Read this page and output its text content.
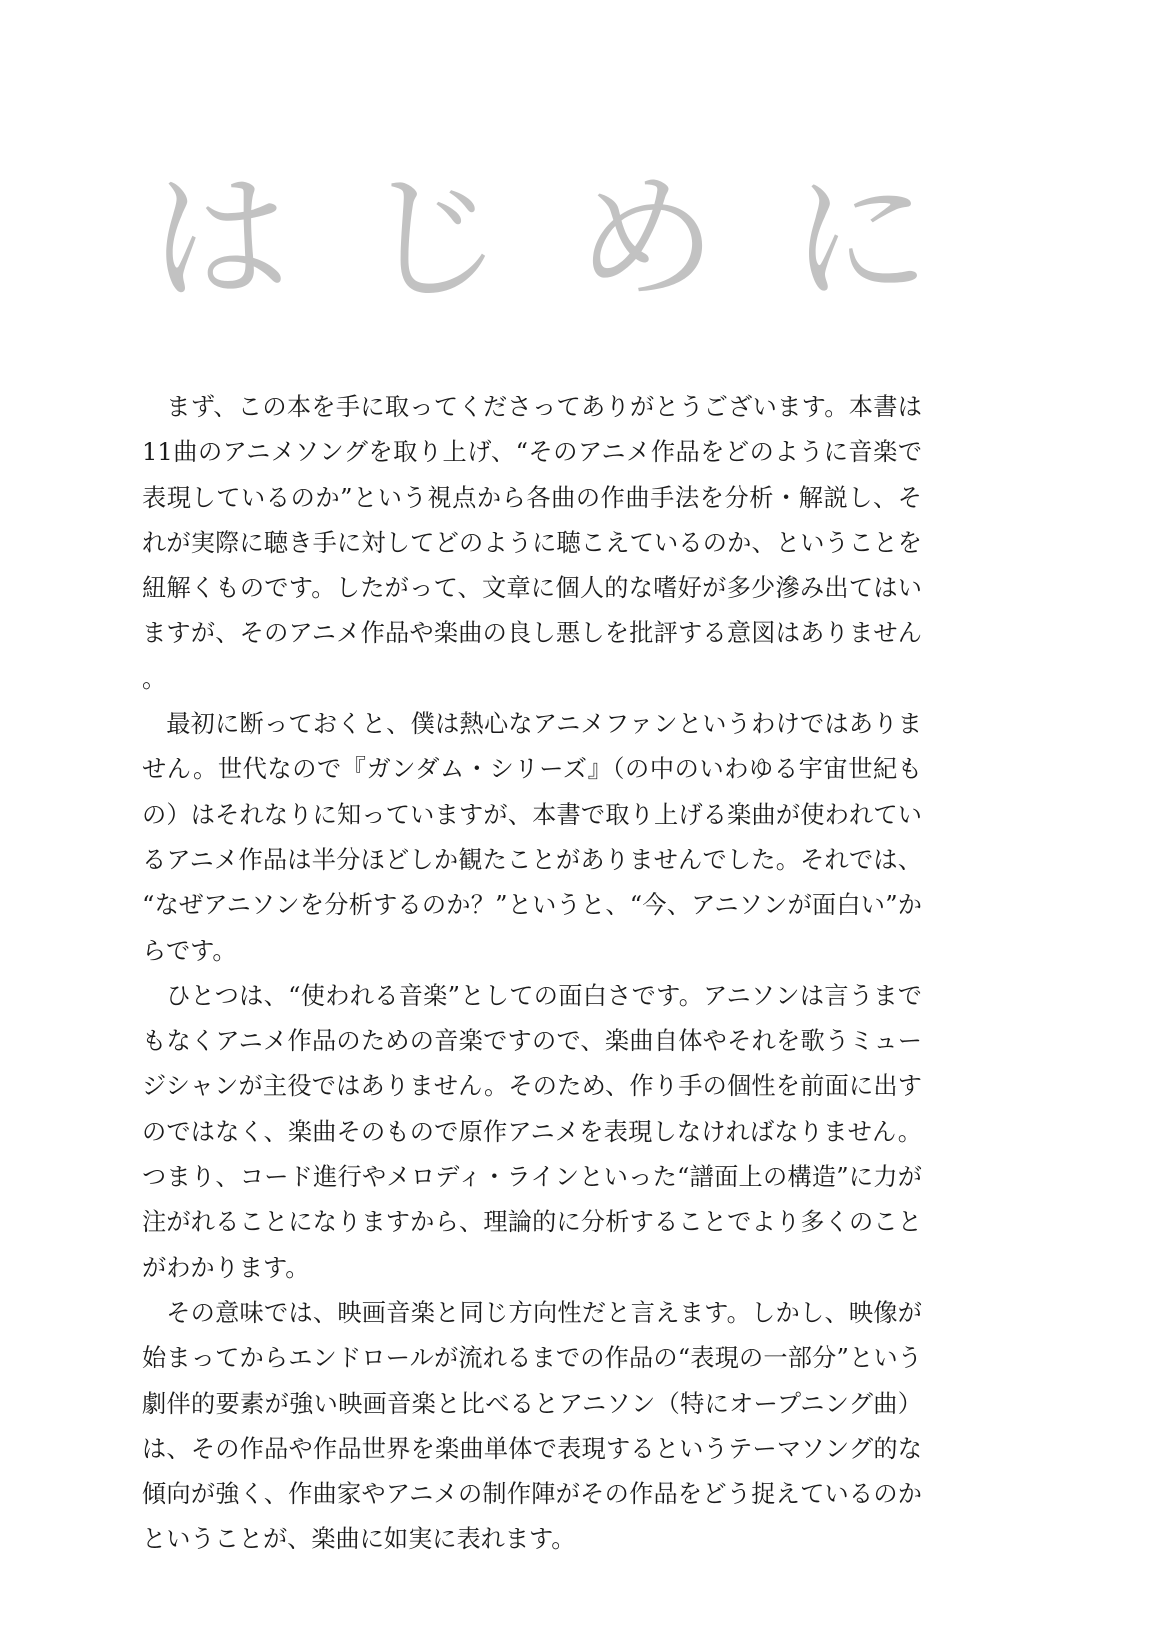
は じ め に

まず、この本を手に取ってくださってありがとうございます。本書は11曲のアニメソングを取り上げ、“そのアニメ作品をどのように音楽で表現しているのか”という視点から各曲の作曲手法を分析・解説し、それが実際に聴き手に対してどのように聴こえているのか、ということを紐解くものです。したがって、文章に個人的な嗜好が多少滲み出てはいますが、そのアニメ作品や楽曲の良し悪しを批評する意図はありません。

最初に断っておくと、僕は熱心なアニメファンというわけではありません。世代なので『ガンダム・シリーズ』（の中のいわゆる宇宙世紀もの）はそれなりに知っていますが、本書で取り上げる楽曲が使われているアニメ作品は半分ほどしか観たことがありませんでした。それでは、“なぜアニソンを分析するのか？”というと、“今、アニソンが面白い”からです。

ひとつは、“使われる音楽”としての面白さです。アニソンは言うまでもなくアニメ作品のための音楽ですので、楽曲自体やそれを歌うミュージシャンが主役ではありません。そのため、作り手の個性を前面に出すのではなく、楽曲そのもので原作アニメを表現しなければなりません。つまり、コード進行やメロディ・ラインといった“譜面上の構造”に力が注がれることになりますから、理論的に分析することでより多くのことがわかります。

その意味では、映画音楽と同じ方向性だと言えます。しかし、映像が始まってからエンドロールが流れるまでの作品の“表現の一部分”という劇伴的要素が強い映画音楽と比べるとアニソン（特にオープニング曲）は、その作品や作品世界を楽曲単体で表現するというテーマソング的な傾向が強く、作曲家やアニメの制作陣がその作品をどう捉えているのかということが、楽曲に如実に表れます。
